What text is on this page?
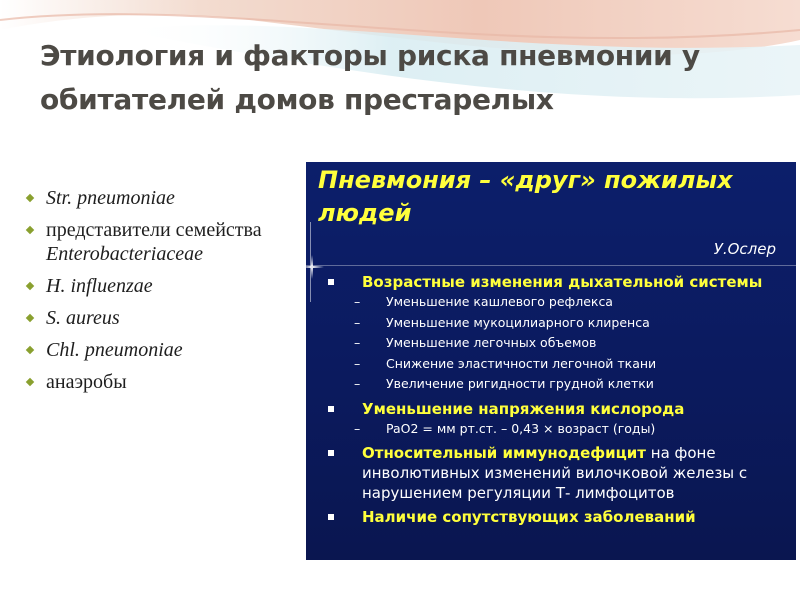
Этиология и факторы риска пневмонии у обитателей домов престарелых
Str. pneumoniae
представители семейства Enterobacteriaceae
H. influenzae
S. aureus
Chl. pneumoniae
анаэробы
Пневмония – «друг» пожилых людей
У.Ослер
Возрастные изменения дыхательной системы
– Уменьшение кашлевого рефлекса
– Уменьшение мукоцилиарного клиренса
– Уменьшение легочных объемов
– Снижение эластичности легочной ткани
– Увеличение ригидности грудной клетки
Уменьшение напряжения кислорода
– PaO2 = мм рт.ст. – 0,43 × возраст (годы)
Относительный иммунодефицит на фоне инволютивных изменений вилочковой железы с нарушением регуляции Т- лимфоцитов
Наличие сопутствующих заболеваний
